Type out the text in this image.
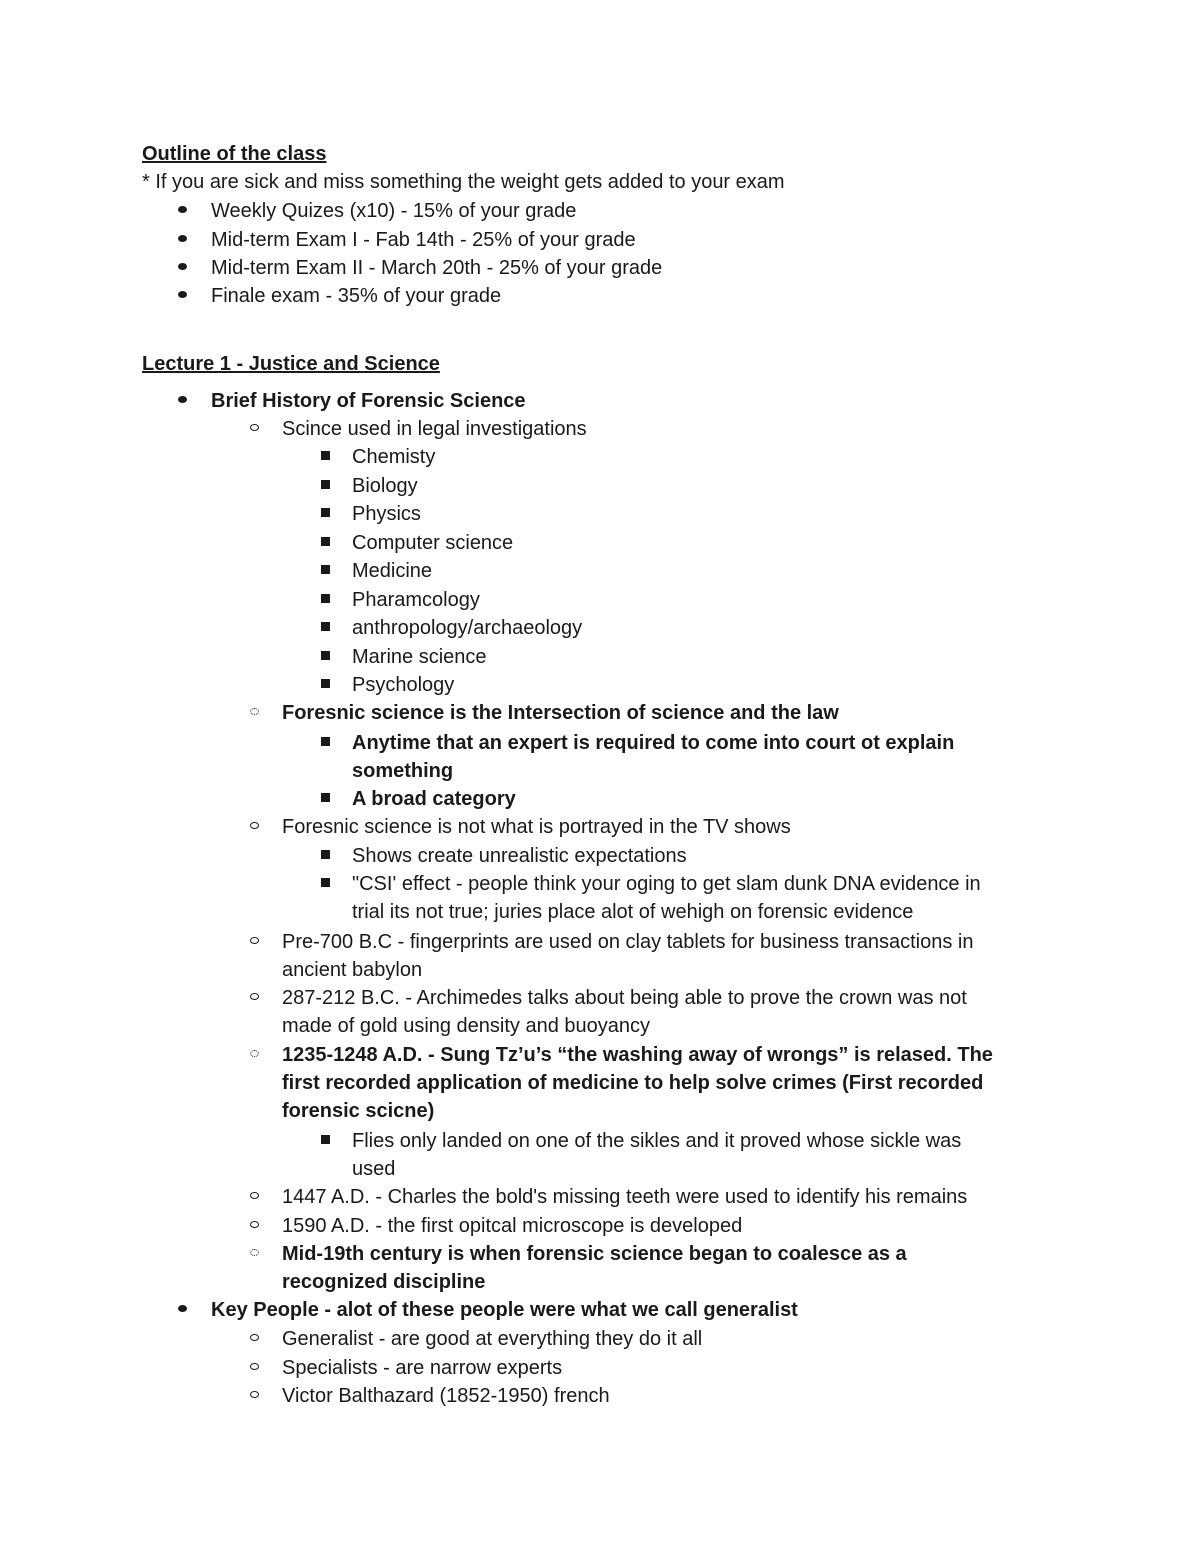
Outline of the class
* If you are sick and miss something the weight gets added to your exam
Weekly Quizes (x10) - 15% of your grade
Mid-term Exam I - Fab 14th - 25% of your grade
Mid-term Exam II - March 20th - 25% of your grade
Finale exam - 35% of your grade
Lecture 1 - Justice and Science
Brief History of Forensic Science
Scince used in legal investigations
Chemisty
Biology
Physics
Computer science
Medicine
Pharamcology
anthropology/archaeology
Marine science
Psychology
Foresnic science is the Intersection of science and the law
Anytime that an expert is required to come into court ot explain
something
A broad category
Foresnic science is not what is portrayed in the TV shows
Shows create unrealistic expectations
"CSI' effect - people think your oging to get slam dunk DNA evidence in
trial its not true; juries place alot of wehigh on forensic evidence
Pre-700 B.C - fingerprints are used on clay tablets for business transactions in
ancient babylon
287-212 B.C. - Archimedes talks about being able to prove the crown was not
made of gold using density and buoyancy
1235-1248 A.D. - Sung Tz’u’s “the washing away of wrongs” is relased. The
first recorded application of medicine to help solve crimes (First recorded
forensic scicne)
Flies only landed on one of the sikles and it proved whose sickle was
used
1447 A.D. - Charles the bold's missing teeth were used to identify his remains
1590 A.D. - the first opitcal microscope is developed
Mid-19th century is when forensic science began to coalesce as a
recognized discipline
Key People - alot of these people were what we call generalist
Generalist - are good at everything they do it all
Specialists - are narrow experts
Victor Balthazard (1852-1950) french
